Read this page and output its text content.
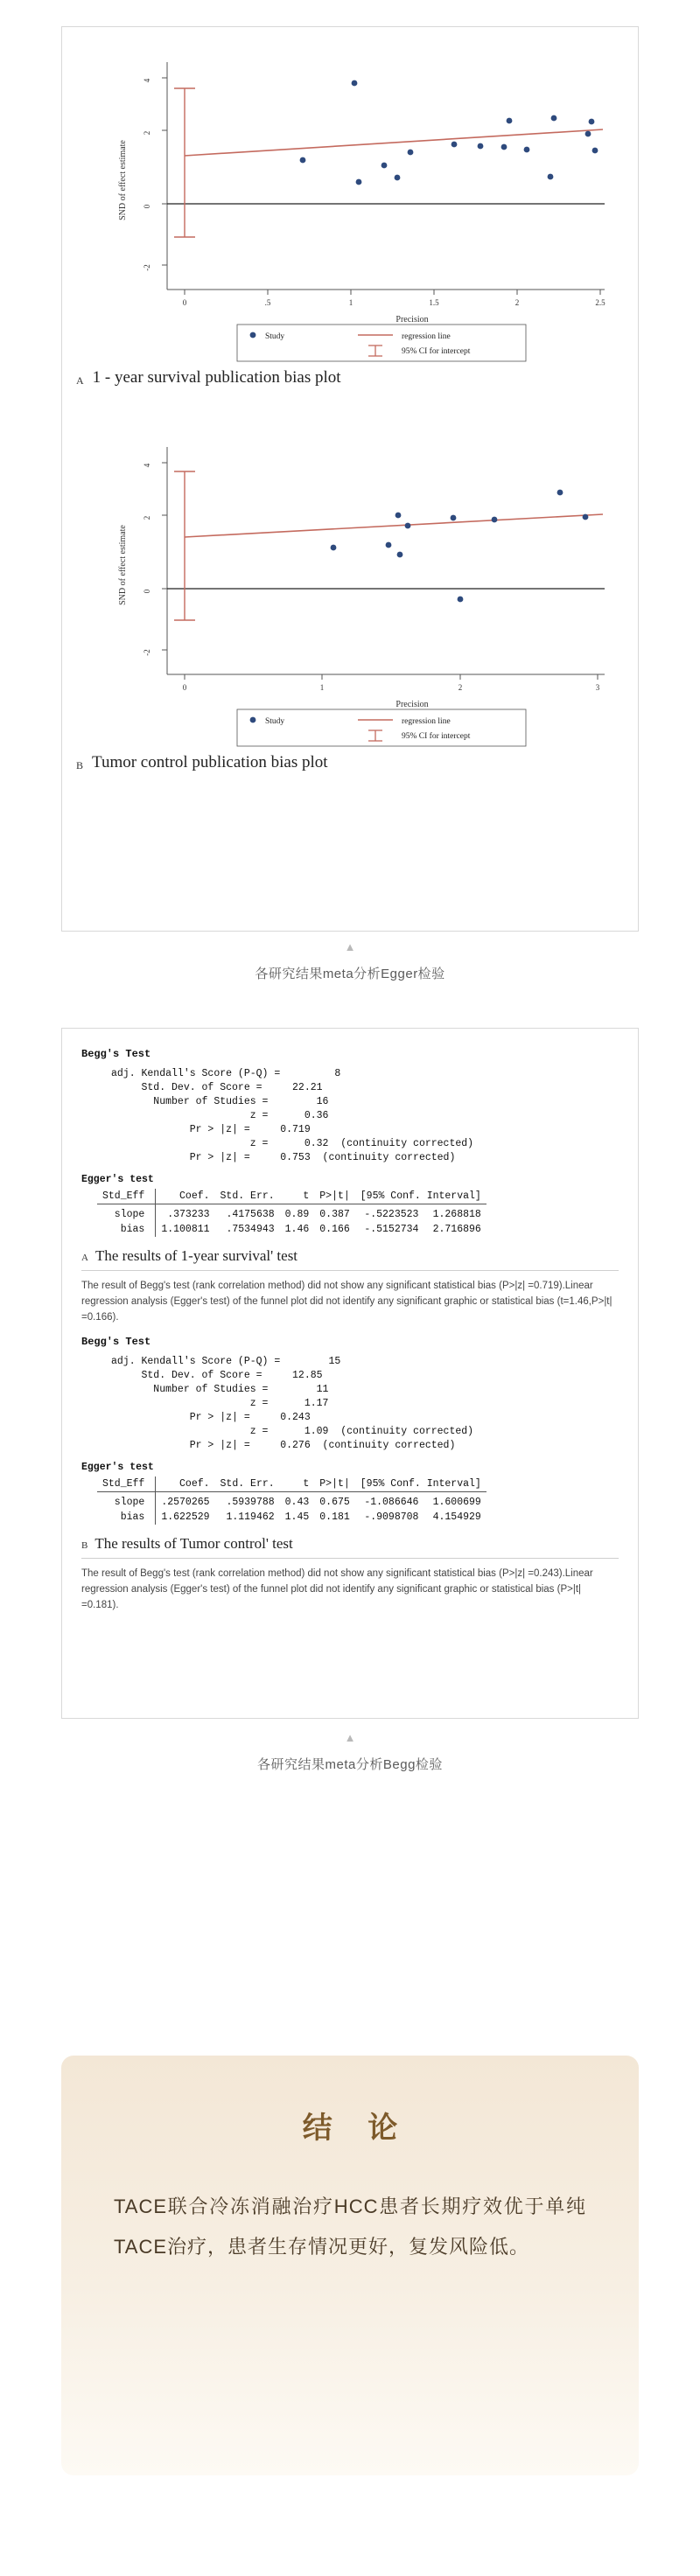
4
2
0
-2
0	.5	1	1.5	2	2.5
SND of effect estimate
Precision
Study	regression line
95% CI for intercept
A 1 - year survival publication bias plot
4
2
0
-2
0	1	2	3
SND of effect estimate
Precision
Study	regression line
95% CI for intercept
B Tumor control publication bias plot
▲
各研究结果meta分析Egger检验
Begg's Test
adj. Kendall's Score (P-Q) =         8
Std. Dev. of Score =     22.21
Number of Studies =        16
z =      0.36
Pr > |z| =     0.719
z =      0.32  (continuity corrected)
Pr > |z| =     0.753  (continuity corrected)
Egger's test
Std_Eff	Coef.	Std. Err.	t	P>|t|	[95% Conf. Interval]	
slope	.373233	.4175638	0.89	0.387	-.5223523	1.268818
bias	1.100811	.7534943	1.46	0.166	-.5152734	2.716896
A The results of 1-year survival' test
The result of Begg's test (rank correlation method) did not show any significant statistical bias (P>|z| =0.719).Linear regression analysis (Egger's test) of the funnel plot did not identify any significant graphic or statistical bias (t=1.46,P>|t| =0.166).
Begg's Test
adj. Kendall's Score (P-Q) =        15
Std. Dev. of Score =     12.85
Number of Studies =        11
z =      1.17
Pr > |z| =     0.243
z =      1.09  (continuity corrected)
Pr > |z| =     0.276  (continuity corrected)
Egger's test
Std_Eff	Coef.	Std. Err.	t	P>|t|	[95% Conf. Interval]	
slope	.2570265	.5939788	0.43	0.675	-1.086646	1.600699
bias	1.622529	1.119462	1.45	0.181	-.9098708	4.154929
B The results of Tumor control' test
The result of Begg's test (rank correlation method) did not show any significant statistical bias (P>|z| =0.243).Linear regression analysis (Egger's test) of the funnel plot did not identify any significant graphic or statistical bias (P>|t| =0.181).
▲
各研究结果meta分析Begg检验
结 论
TACE联合冷冻消融治疗HCC患者长期疗效优于单纯TACE治疗，患者生存情况更好，复发风险低。
